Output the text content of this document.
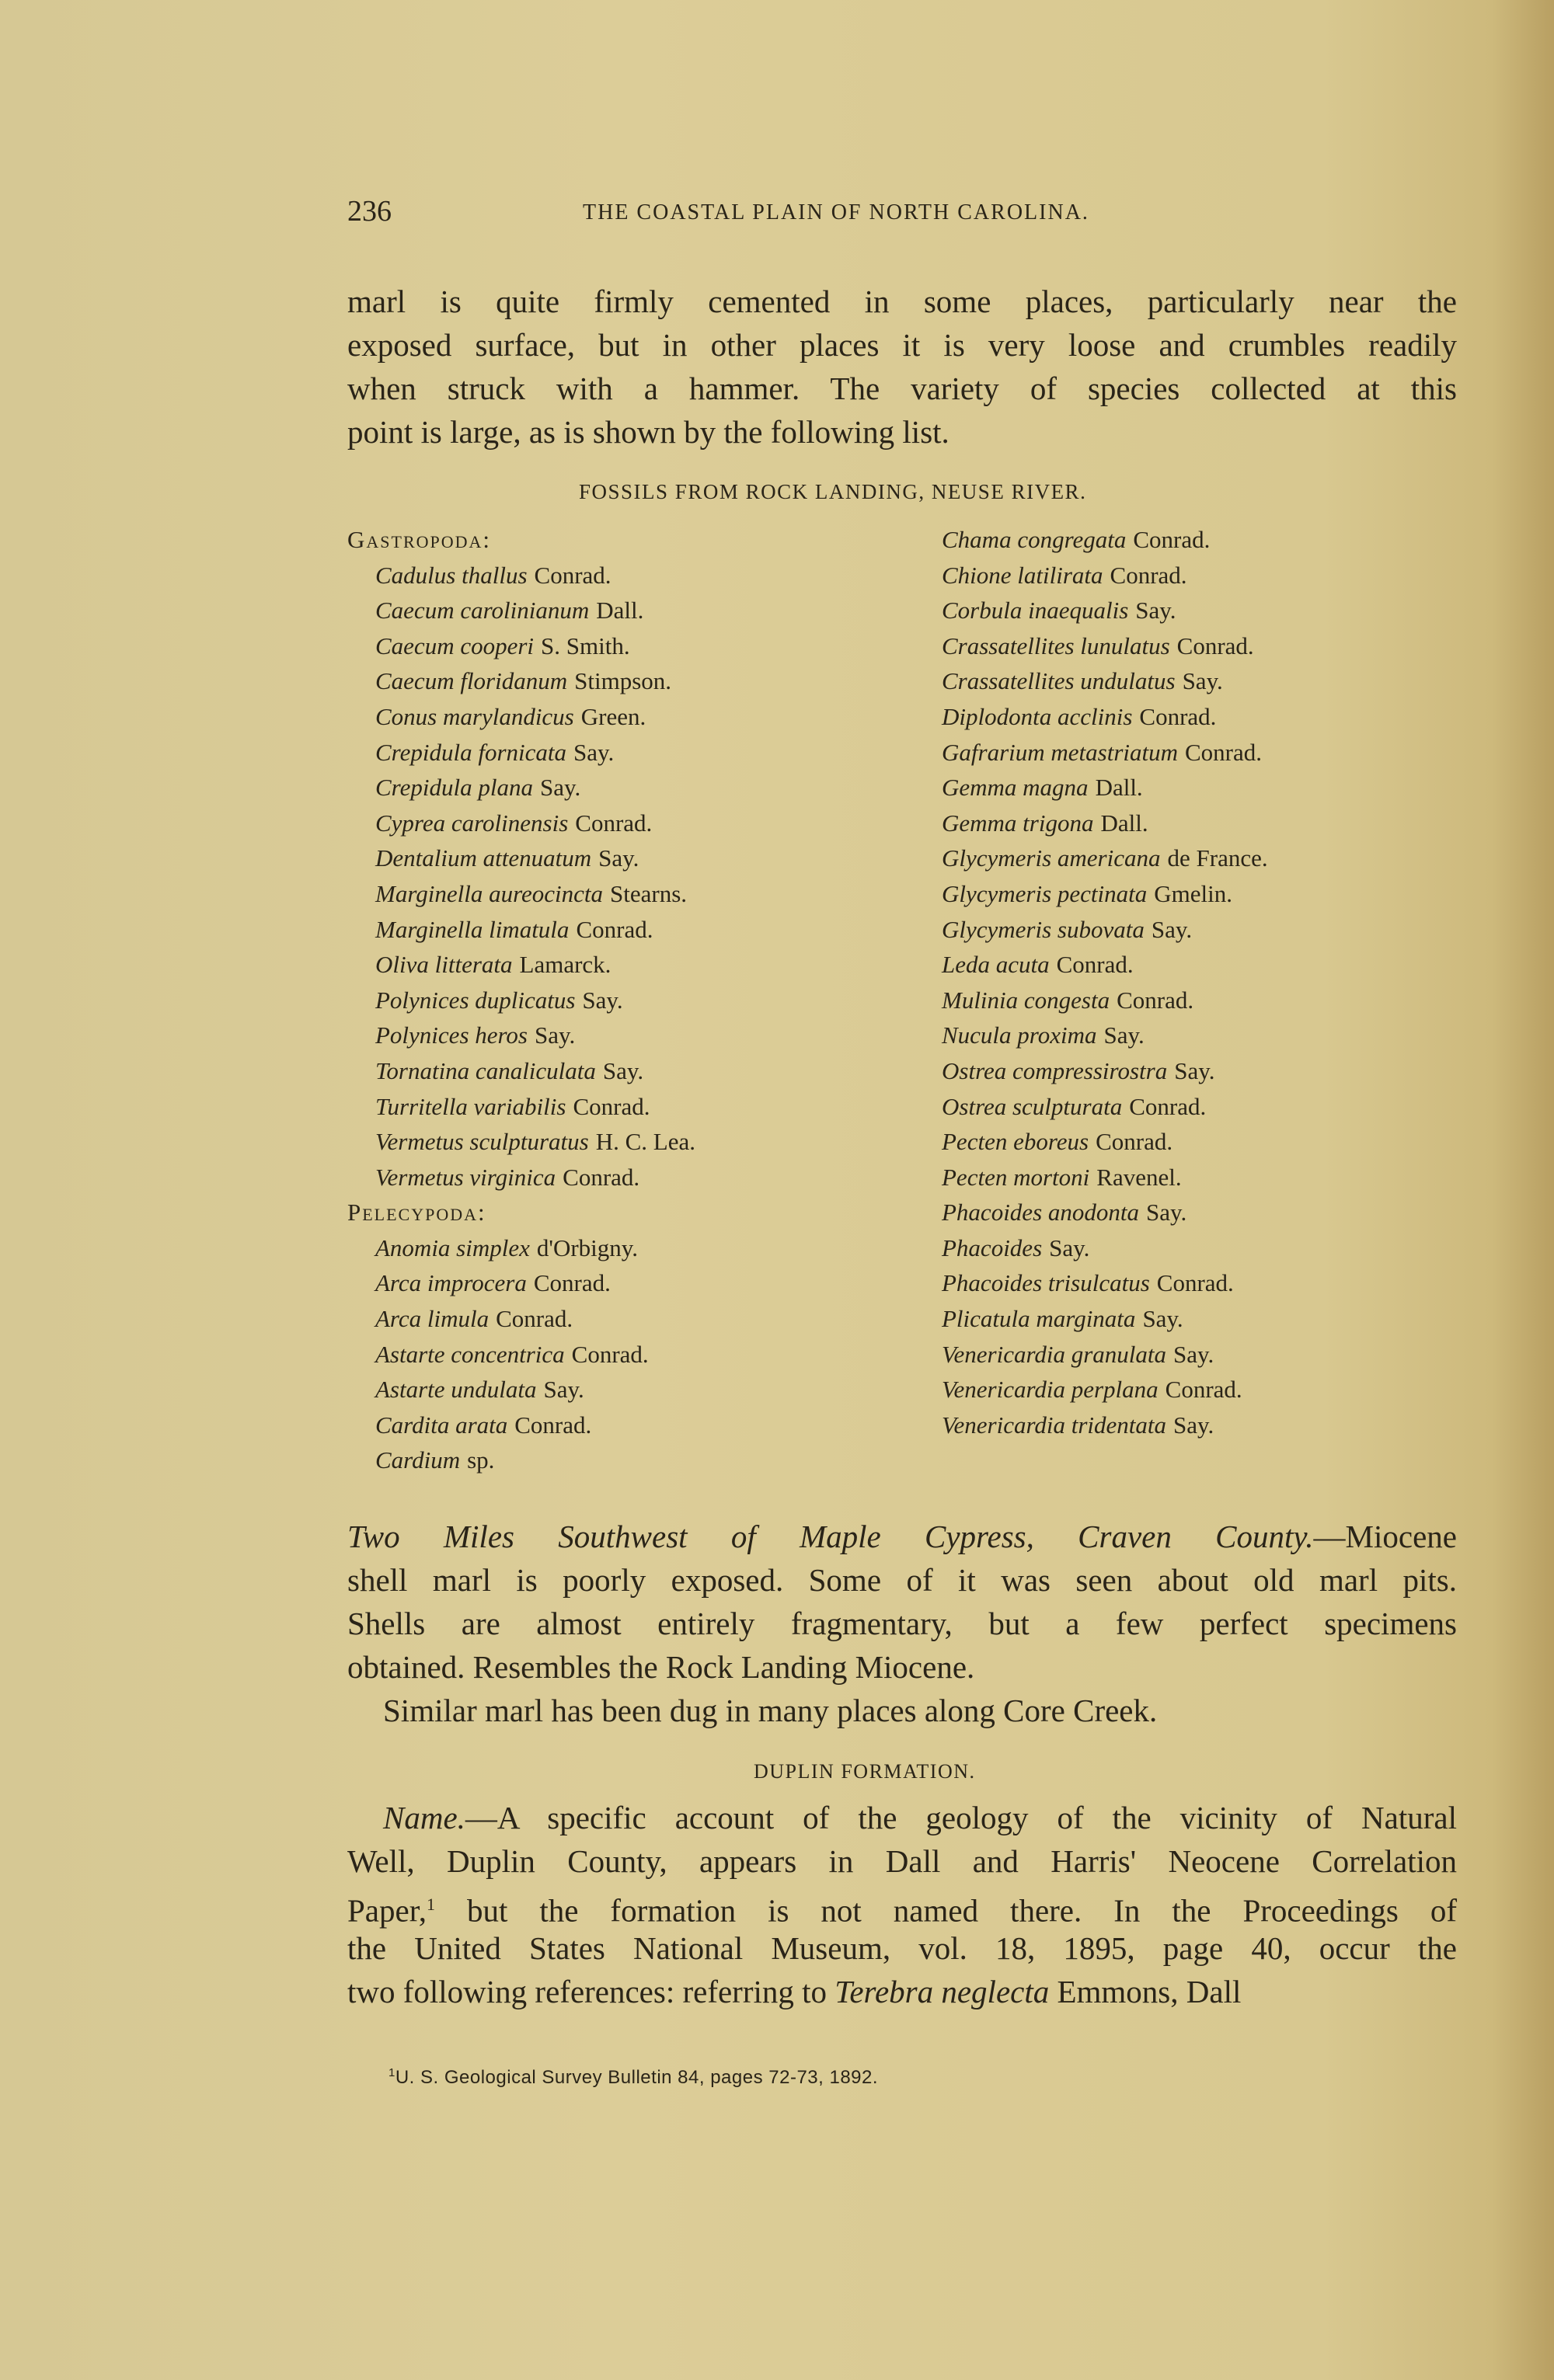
236	THE COASTAL PLAIN OF NORTH CAROLINA.
marl is quite firmly cemented in some places, particularly near the
exposed surface, but in other places it is very loose and crumbles readily
when struck with a hammer. The variety of species collected at this
point is large, as is shown by the following list.
FOSSILS FROM ROCK LANDING, NEUSE RIVER.
Gastropoda:
Cadulus thallus Conrad.
Caecum carolinianum Dall.
Caecum cooperi S. Smith.
Caecum floridanum Stimpson.
Conus marylandicus Green.
Crepidula fornicata Say.
Crepidula plana Say.
Cyprea carolinensis Conrad.
Dentalium attenuatum Say.
Marginella aureocincta Stearns.
Marginella limatula Conrad.
Oliva litterata Lamarck.
Polynices duplicatus Say.
Polynices heros Say.
Tornatina canaliculata Say.
Turritella variabilis Conrad.
Vermetus sculpturatus H. C. Lea.
Vermetus virginica Conrad.
Pelecypoda:
Anomia simplex d'Orbigny.
Arca improcera Conrad.
Arca limula Conrad.
Astarte concentrica Conrad.
Astarte undulata Say.
Cardita arata Conrad.
Cardium sp.
Chama congregata Conrad.
Chione latilirata Conrad.
Corbula inaequalis Say.
Crassatellites lunulatus Conrad.
Crassatellites undulatus Say.
Diplodonta acclinis Conrad.
Gafrarium metastriatum Conrad.
Gemma magna Dall.
Gemma trigona Dall.
Glycymeris americana de France.
Glycymeris pectinata Gmelin.
Glycymeris subovata Say.
Leda acuta Conrad.
Mulinia congesta Conrad.
Nucula proxima Say.
Ostrea compressirostra Say.
Ostrea sculpturata Conrad.
Pecten eboreus Conrad.
Pecten mortoni Ravenel.
Phacoides anodonta Say.
Phacoides Say.
Phacoides trisulcatus Conrad.
Plicatula marginata Say.
Venericardia granulata Say.
Venericardia perplana Conrad.
Venericardia tridentata Say.
Two Miles Southwest of Maple Cypress, Craven County.—Miocene
shell marl is poorly exposed. Some of it was seen about old marl pits.
Shells are almost entirely fragmentary, but a few perfect specimens
obtained. Resembles the Rock Landing Miocene.
Similar marl has been dug in many places along Core Creek.
DUPLIN FORMATION.
Name.—A specific account of the geology of the vicinity of Natural
Well, Duplin County, appears in Dall and Harris' Neocene Correlation
Paper,$^1$ but the formation is not named there. In the Proceedings of
the United States National Museum, vol. 18, 1895, page 40, occur the
two following references: referring to Terebra neglecta Emmons, Dall
$^1$U. S. Geological Survey Bulletin 84, pages 72-73, 1892.
